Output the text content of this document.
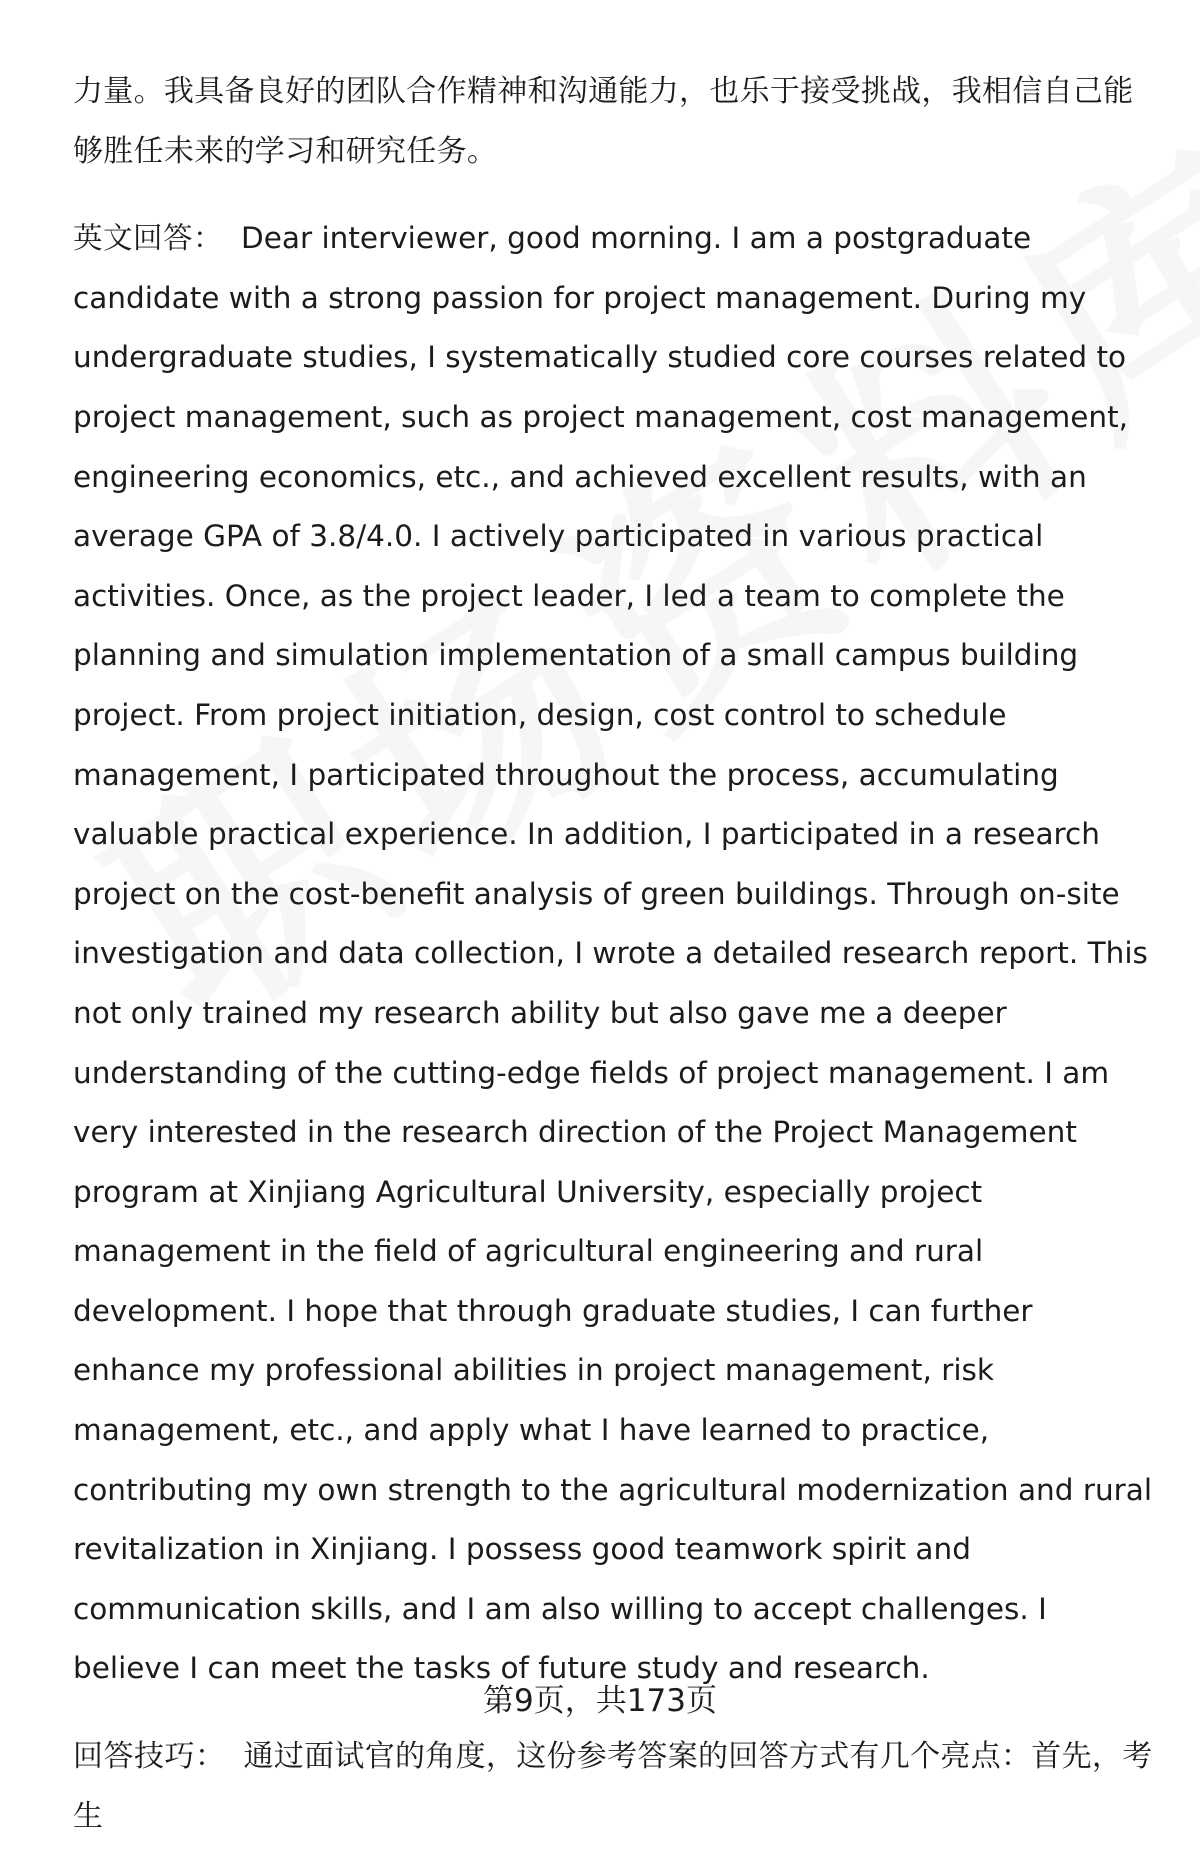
力量。我具备良好的团队合作精神和沟通能力，也乐于接受挑战，我相信自己能够胜任未来的学习和研究任务。

英文回答： Dear interviewer, good morning. I am a postgraduate candidate with a strong passion for project management. During my undergraduate studies, I systematically studied core courses related to project management, such as project management, cost management, engineering economics, etc., and achieved excellent results, with an average GPA of 3.8/4.0. I actively participated in various practical activities. Once, as the project leader, I led a team to complete the planning and simulation implementation of a small campus building project. From project initiation, design, cost control to schedule management, I participated throughout the process, accumulating valuable practical experience. In addition, I participated in a research project on the cost-benefit analysis of green buildings. Through on-site investigation and data collection, I wrote a detailed research report. This not only trained my research ability but also gave me a deeper understanding of the cutting-edge fields of project management. I am very interested in the research direction of the Project Management program at Xinjiang Agricultural University, especially project management in the field of agricultural engineering and rural development. I hope that through graduate studies, I can further enhance my professional abilities in project management, risk management, etc., and apply what I have learned to practice, contributing my own strength to the agricultural modernization and rural revitalization in Xinjiang. I possess good teamwork spirit and communication skills, and I am also willing to accept challenges. I believe I can meet the tasks of future study and research.

回答技巧： 通过面试官的角度，这份参考答案的回答方式有几个亮点：首先，考生

第9页，共173页
